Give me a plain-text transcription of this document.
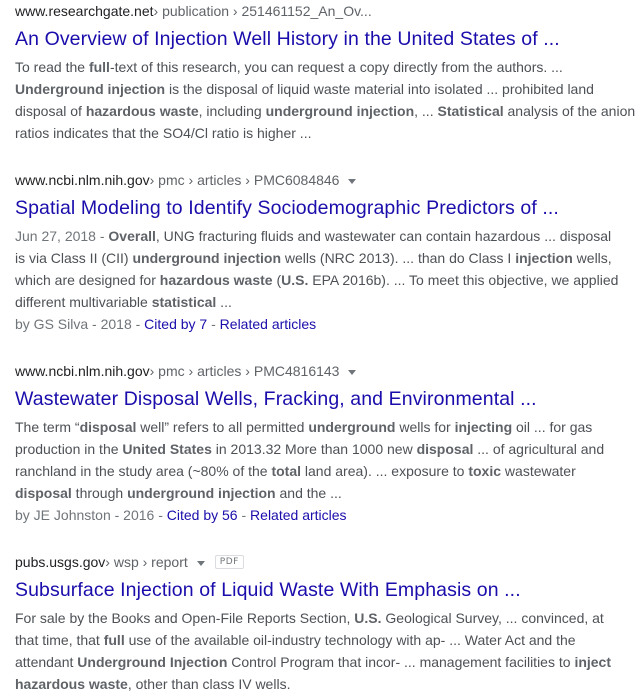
www.researchgate.net › publication › 251461152_An_Ov...
An Overview of Injection Well History in the United States of ...
To read the full-text of this research, you can request a copy directly from the authors. ...
Underground injection is the disposal of liquid waste material into isolated ... prohibited land
disposal of hazardous waste, including underground injection, ... Statistical analysis of the anion
ratios indicates that the SO4/Cl ratio is higher ...
www.ncbi.nlm.nih.gov › pmc › articles › PMC6084846
Spatial Modeling to Identify Sociodemographic Predictors of ...
Jun 27, 2018 - Overall, UNG fracturing fluids and wastewater can contain hazardous ... disposal
is via Class II (CII) underground injection wells (NRC 2013). ... than do Class I injection wells,
which are designed for hazardous waste (U.S. EPA 2016b). ... To meet this objective, we applied
different multivariable statistical ...
by GS Silva - 2018 - Cited by 7 - Related articles
www.ncbi.nlm.nih.gov › pmc › articles › PMC4816143
Wastewater Disposal Wells, Fracking, and Environmental ...
The term “disposal well” refers to all permitted underground wells for injecting oil ... for gas
production in the United States in 2013.32 More than 1000 new disposal ... of agricultural and
ranchland in the study area (~80% of the total land area). ... exposure to toxic wastewater
disposal through underground injection and the ...
by JE Johnston - 2016 - Cited by 56 - Related articles
pubs.usgs.gov › wsp › report	PDF
Subsurface Injection of Liquid Waste With Emphasis on ...
For sale by the Books and Open-File Reports Section, U.S. Geological Survey, ... convinced, at
that time, that full use of the available oil-industry technology with ap- ... Water Act and the
attendant Underground Injection Control Program that incor- ... management facilities to inject
hazardous waste, other than class IV wells.
